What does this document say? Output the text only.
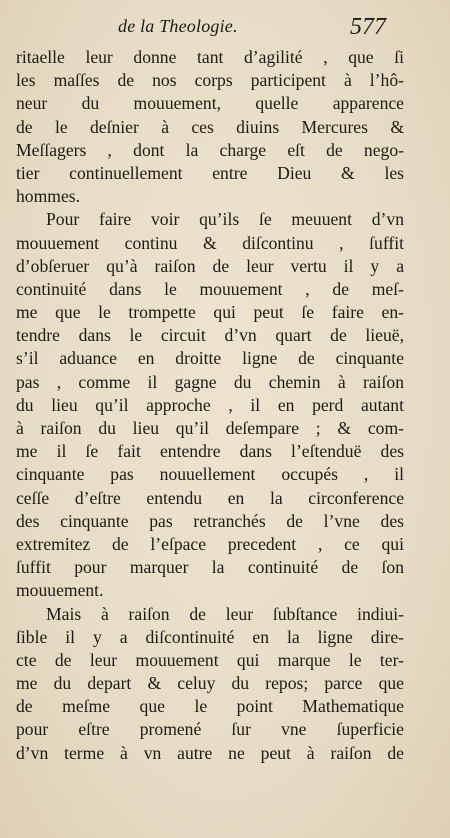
de la Theologie.	577
ritaelle leur donne tant d’agilité , que ſi
les maſſes de nos corps participent à l’hô-
neur du mouuement, quelle apparence
de le deſnier à ces diuins Mercures &
Meſſagers , dont la charge eſt de nego-
tier continuellement entre Dieu & les
hommes.
Pour faire voir qu’ils ſe meuuent d’vn
mouuement continu & diſcontinu , ſuffit
d’obſeruer qu’à raiſon de leur vertu il y a
continuité dans le mouuement , de meſ-
me que le trompette qui peut ſe faire en-
tendre dans le circuit d’vn quart de lieuë,
s’il aduance en droitte ligne de cinquante
pas , comme il gagne du chemin à raiſon
du lieu qu’il approche , il en perd autant
à raiſon du lieu qu’il deſempare ; & com-
me il ſe fait entendre dans l’eſtenduë des
cinquante pas nouuellement occupés , il
ceſſe d’eſtre entendu en la circonference
des cinquante pas retranchés de l’vne des
extremitez de l’eſpace precedent , ce qui
ſuffit pour marquer la continuité de ſon
mouuement.
Mais à raiſon de leur ſubſtance indiui-
ſible il y a diſcontinuité en la ligne dire-
cte de leur mouuement qui marque le ter-
me du depart & celuy du repos; parce que
de meſme que le point Mathematique
pour eſtre promené ſur vne ſuperficie
d’vn terme à vn autre ne peut à raiſon de
